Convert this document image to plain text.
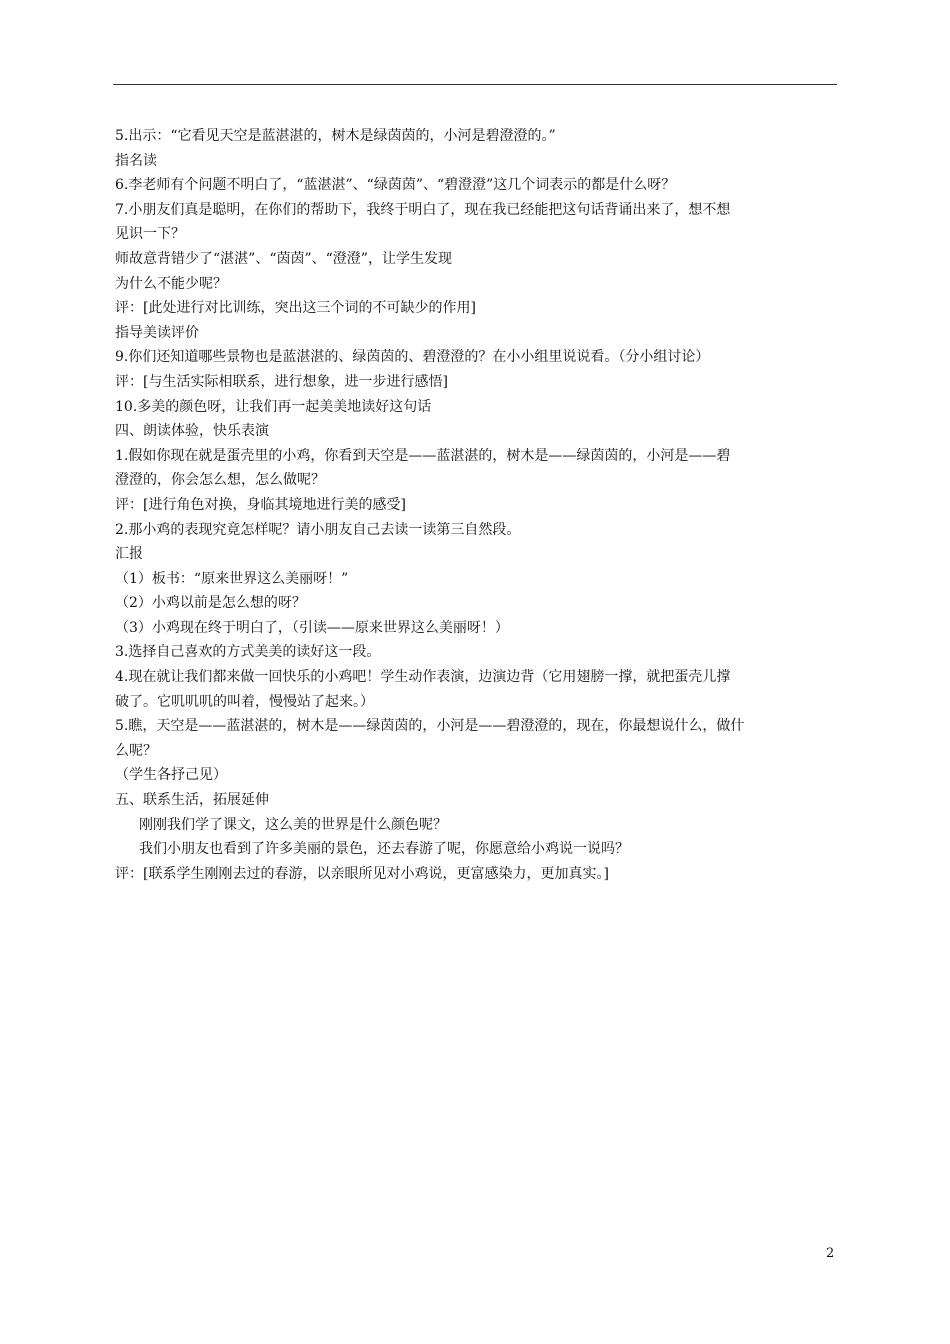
5.出示：“它看见天空是蓝湛湛的，树木是绿茵茵的，小河是碧澄澄的。”
指名读
6.李老师有个问题不明白了，“蓝湛湛”、“绿茵茵”、“碧澄澄”这几个词表示的都是什么呀？
7.小朋友们真是聪明，在你们的帮助下，我终于明白了，现在我已经能把这句话背诵出来了，想不想
见识一下？
师故意背错少了“湛湛”、“茵茵”、“澄澄”，让学生发现
为什么不能少呢？
评：[此处进行对比训练，突出这三个词的不可缺少的作用]
指导美读评价
9.你们还知道哪些景物也是蓝湛湛的、绿茵茵的、碧澄澄的？在小小组里说说看。（分小组讨论）
评：[与生活实际相联系，进行想象，进一步进行感悟]
10.多美的颜色呀，让我们再一起美美地读好这句话
四、朗读体验，快乐表演
1.假如你现在就是蛋壳里的小鸡，你看到天空是——蓝湛湛的，树木是——绿茵茵的，小河是——碧
澄澄的，你会怎么想，怎么做呢？
评：[进行角色对换，身临其境地进行美的感受]
2.那小鸡的表现究竟怎样呢？请小朋友自己去读一读第三自然段。
汇报
（1）板书：“原来世界这么美丽呀！”
（2）小鸡以前是怎么想的呀？
（3）小鸡现在终于明白了，（引读——原来世界这么美丽呀！）
3.选择自己喜欢的方式美美的读好这一段。
4.现在就让我们都来做一回快乐的小鸡吧！学生动作表演，边演边背（它用翅膀一撑，就把蛋壳儿撑
破了。它叽叽叽的叫着，慢慢站了起来。）
5.瞧，天空是——蓝湛湛的，树木是——绿茵茵的，小河是——碧澄澄的，现在，你最想说什么，做什
么呢？
（学生各抒己见）
五、联系生活，拓展延伸
刚刚我们学了课文，这么美的世界是什么颜色呢？
我们小朋友也看到了许多美丽的景色，还去春游了呢，你愿意给小鸡说一说吗？
评：[联系学生刚刚去过的春游，以亲眼所见对小鸡说，更富感染力，更加真实。]
2
